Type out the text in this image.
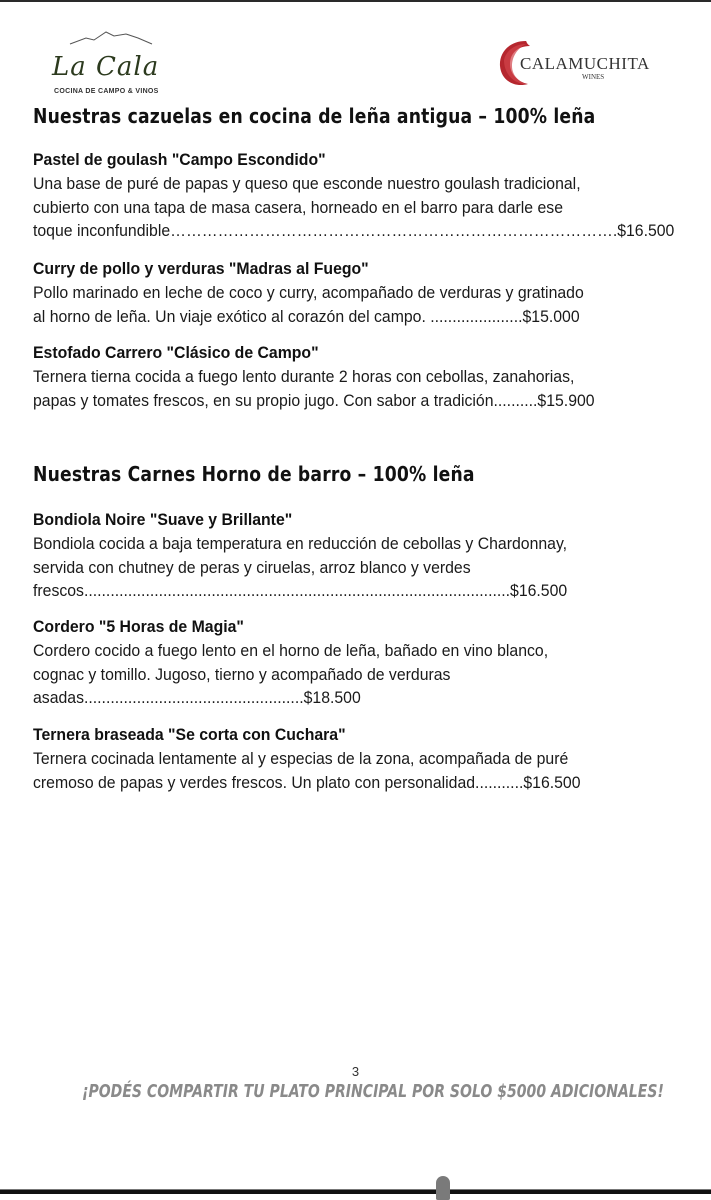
La Cala
COCINA DE CAMPO & VINOS
CALAMUCHITA
WINES
Nuestras cazuelas en cocina de leña antigua – 100% leña
Pastel de goulash "Campo Escondido"
Una base de puré de papas y queso que esconde nuestro goulash tradicional,
cubierto con una tapa de masa casera, horneado en el barro para darle ese
toque inconfundible………………………………………………………………………….$16.500
Curry de pollo y verduras "Madras al Fuego"
Pollo marinado en leche de coco y curry, acompañado de verduras y gratinado
al horno de leña. Un viaje exótico al corazón del campo. .....................$15.000
Estofado Carrero "Clásico de Campo"
Ternera tierna cocida a fuego lento durante 2 horas con cebollas, zanahorias,
papas y tomates frescos, en su propio jugo. Con sabor a tradición..........$15.900
Nuestras Carnes Horno de barro – 100% leña
Bondiola Noire "Suave y Brillante"
Bondiola cocida a baja temperatura en reducción de cebollas y Chardonnay,
servida con chutney de peras y ciruelas, arroz blanco y verdes
frescos.................................................................................................$16.500
Cordero "5 Horas de Magia"
Cordero cocido a fuego lento en el horno de leña, bañado en vino blanco,
cognac y tomillo. Jugoso, tierno y acompañado de verduras
asadas..................................................$18.500
Ternera braseada "Se corta con Cuchara"
Ternera cocinada lentamente al y especias de la zona, acompañada de puré
cremoso de papas y verdes frescos. Un plato con personalidad...........$16.500
3
¡PODÉS COMPARTIR TU PLATO PRINCIPAL POR SOLO $5000 ADICIONALES!
